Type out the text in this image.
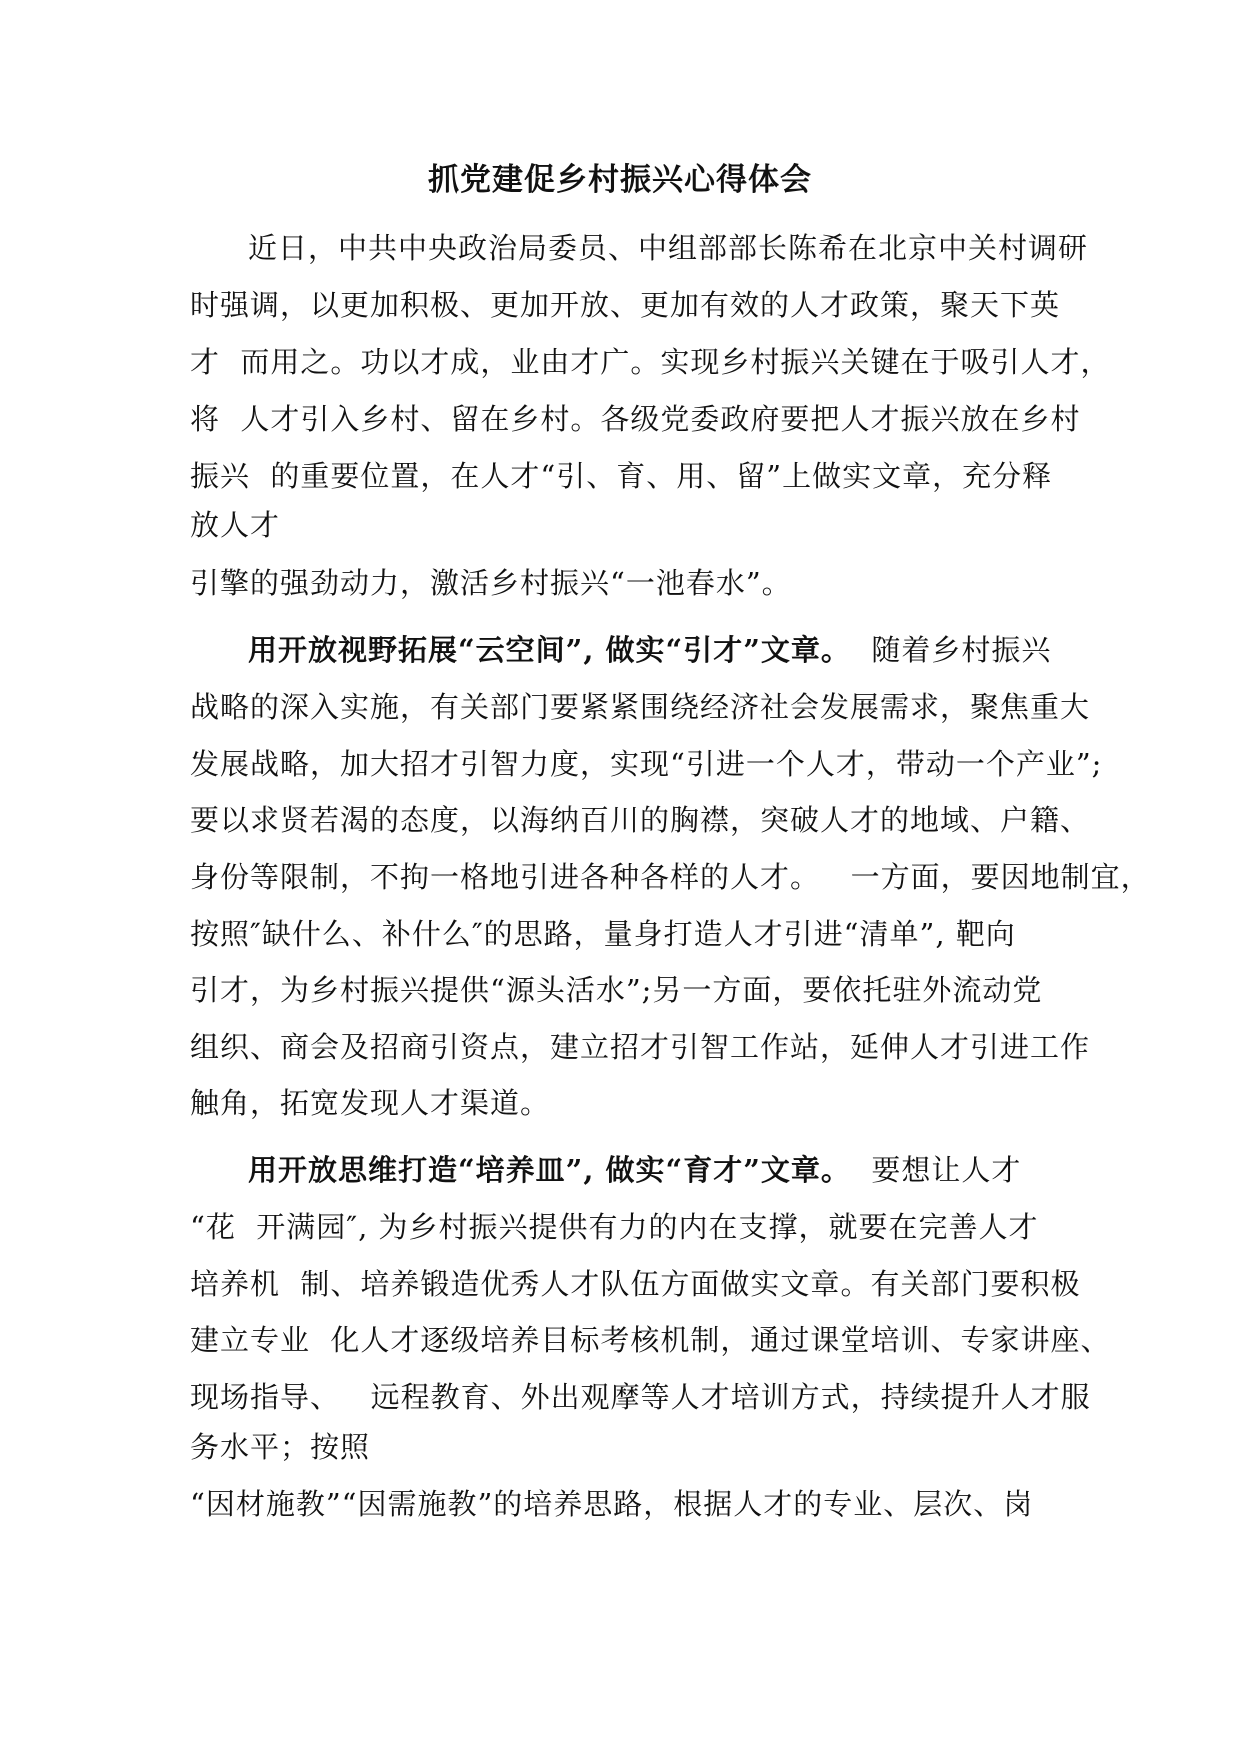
抓党建促乡村振兴心得体会
近日，中共中央政治局委员、中组部部长陈希在北京中关村调研
时强调，以更加积极、更加开放、更加有效的人才政策，聚天下英
才  而用之。功以才成，业由才广。实现乡村振兴关键在于吸引人才，
将  人才引入乡村、留在乡村。各级党委政府要把人才振兴放在乡村
振兴  的重要位置，在人才“引、育、用、留”上做实文章，充分释
放人才
引擎的强劲动力，激活乡村振兴“一池春水”。
用开放视野拓展“云空间”, 做实“引才”文章。  随着乡村振兴
战略的深入实施，有关部门要紧紧围绕经济社会发展需求，聚焦重大
发展战略，加大招才引智力度，实现“引进一个人才，带动一个产业”;
要以求贤若渴的态度，以海纳百川的胸襟，突破人才的地域、户籍、
身份等限制，不拘一格地引进各种各样的人才。   一方面，要因地制宜，
按照″缺什么、补什么″的思路，量身打造人才引进“清单”, 靶向
引才，为乡村振兴提供“源头活水”;另一方面，要依托驻外流动党
组织、商会及招商引资点，建立招才引智工作站，延伸人才引进工作
触角，拓宽发现人才渠道。
用开放思维打造“培养皿”, 做实“育才”文章。  要想让人才
“花  开满园″, 为乡村振兴提供有力的内在支撑，就要在完善人才
培养机  制、培养锻造优秀人才队伍方面做实文章。有关部门要积极
建立专业  化人才逐级培养目标考核机制，通过课堂培训、专家讲座、
现场指导、   远程教育、外出观摩等人才培训方式，持续提升人才服
务水平；按照
“因材施教”“因需施教”的培养思路，根据人才的专业、层次、岗
